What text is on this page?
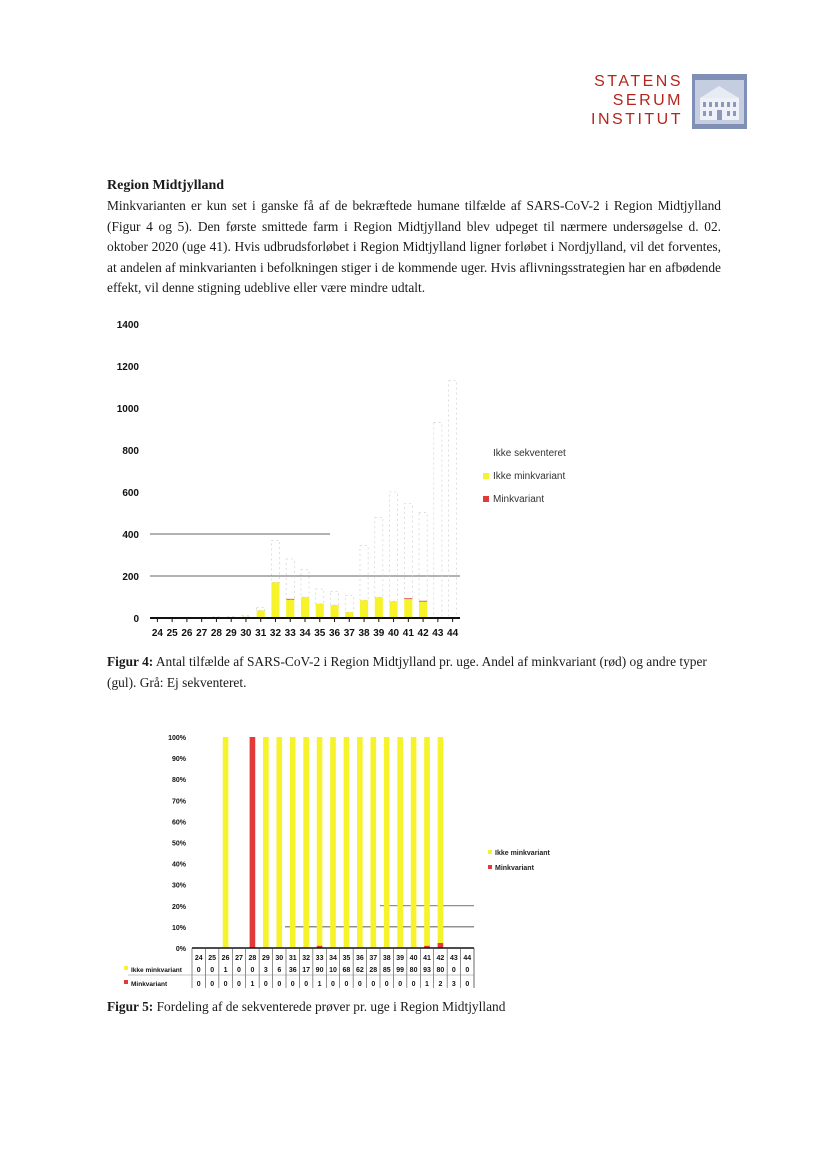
STATENS
SERUM
INSTITUT
Region Midtjylland
Minkvarianten er kun set i ganske få af de bekræftede humane tilfælde af SARS-CoV-2 i Region Midtjylland (Figur 4 og 5). Den første smittede farm i Region Midtjylland blev udpeget til nærmere undersøgelse d. 02. oktober 2020 (uge 41). Hvis udbrudsforløbet i Region Midtjylland ligner forløbet i Nordjylland, vil det forventes, at andelen af minkvarianten i befolkningen stiger i de kommende uger. Hvis aflivningsstrategien har en afbødende effekt, vil denne stigning udeblive eller være mindre udtalt.
0
200
400
600
800
1000
1200
1400
24 25 26 27 28 29 30 31 32 33 34 35 36 37 38 39 40 41 42 43 44
Ikke sekventeret
Ikke minkvariant
Minkvariant
0%
10%
20%
30%
40%
50%
60%
70%
80%
90%
100%
24 25 26 27 28 29 30 31 32 33 34 35 36 37 38 39 40 41 42 43 44
Ikke minkvariant 0 0 1 0 0 3 6 36 17 90 10 68 62 28 85 99 80 93 80 0 0
Minkvariant	0 0 0 0 1 0 0 0 0 1 0 0 0 0 0 0 0 1 2 3 0
Ikke minkvariant
Minkvariant
Figur 4: Antal tilfælde af SARS-CoV-2 i Region Midtjylland pr. uge. Andel af minkvariant (rød) og andre typer (gul). Grå: Ej sekventeret.
Figur 5: Fordeling af de sekventerede prøver pr. uge i Region Midtjylland
